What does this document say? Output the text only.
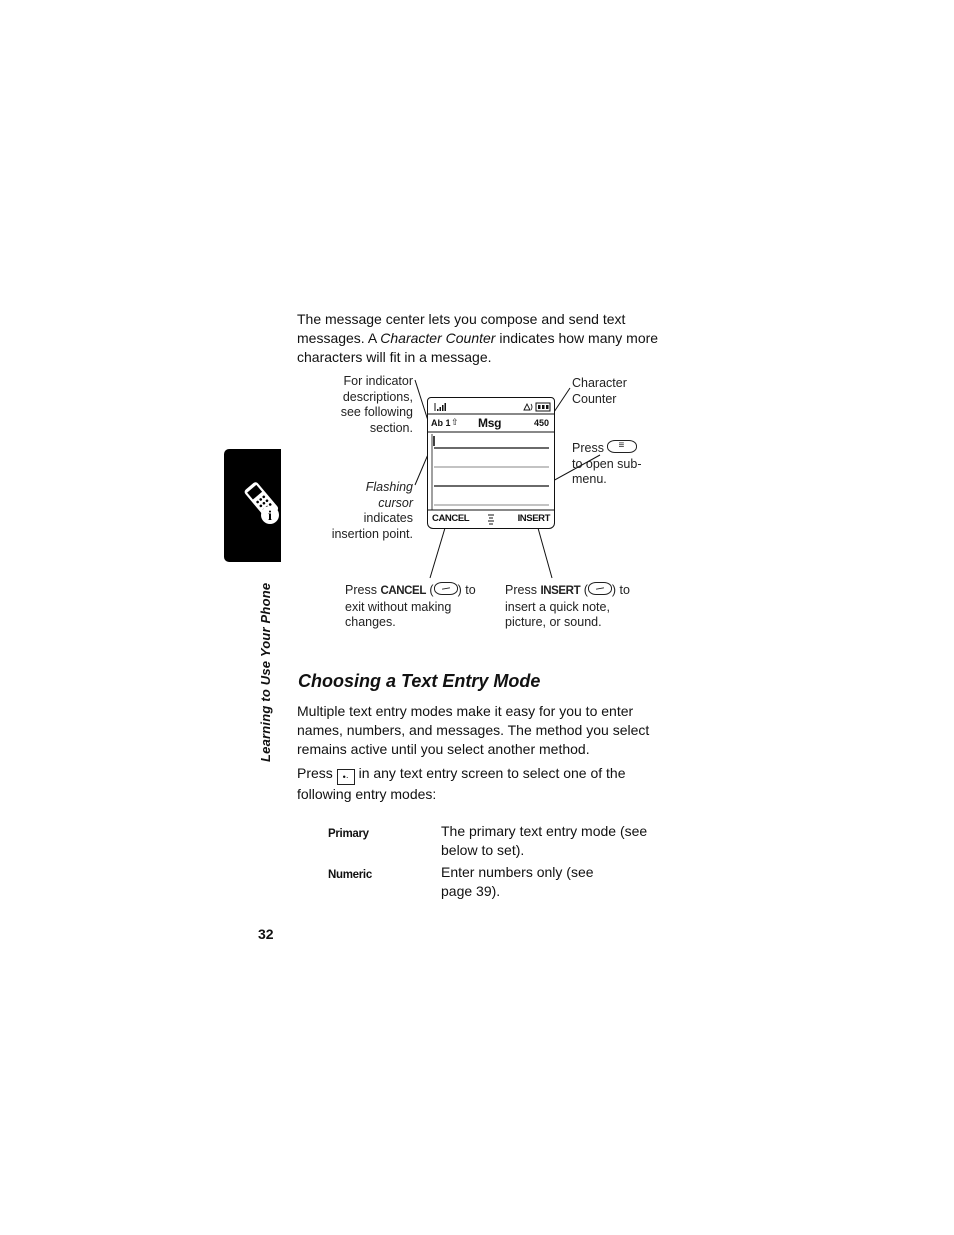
i
Learning to Use Your Phone
The message center lets you compose and send text
messages. A Character Counter indicates how many more
characters will fit in a message.
For indicator
descriptions,
see following
section.
Character
Counter
Press ≡
to open sub-
menu.
Flashing
cursor
indicates
insertion point.
Press CANCEL ( ) to
exit without making
changes.
Press INSERT ( ) to
insert a quick note,
picture, or sound.
Ab 1 ⇧ Msg	450
CANCEL	INSERT
Choosing a Text Entry Mode
Multiple text entry modes make it easy for you to enter
names, numbers, and messages. The method you select
remains active until you select another method.
Press •· in any text entry screen to select one of the
following entry modes:
Primary	The primary text entry mode (see
below to set).
Numeric	Enter numbers only (see
page 39).
32
